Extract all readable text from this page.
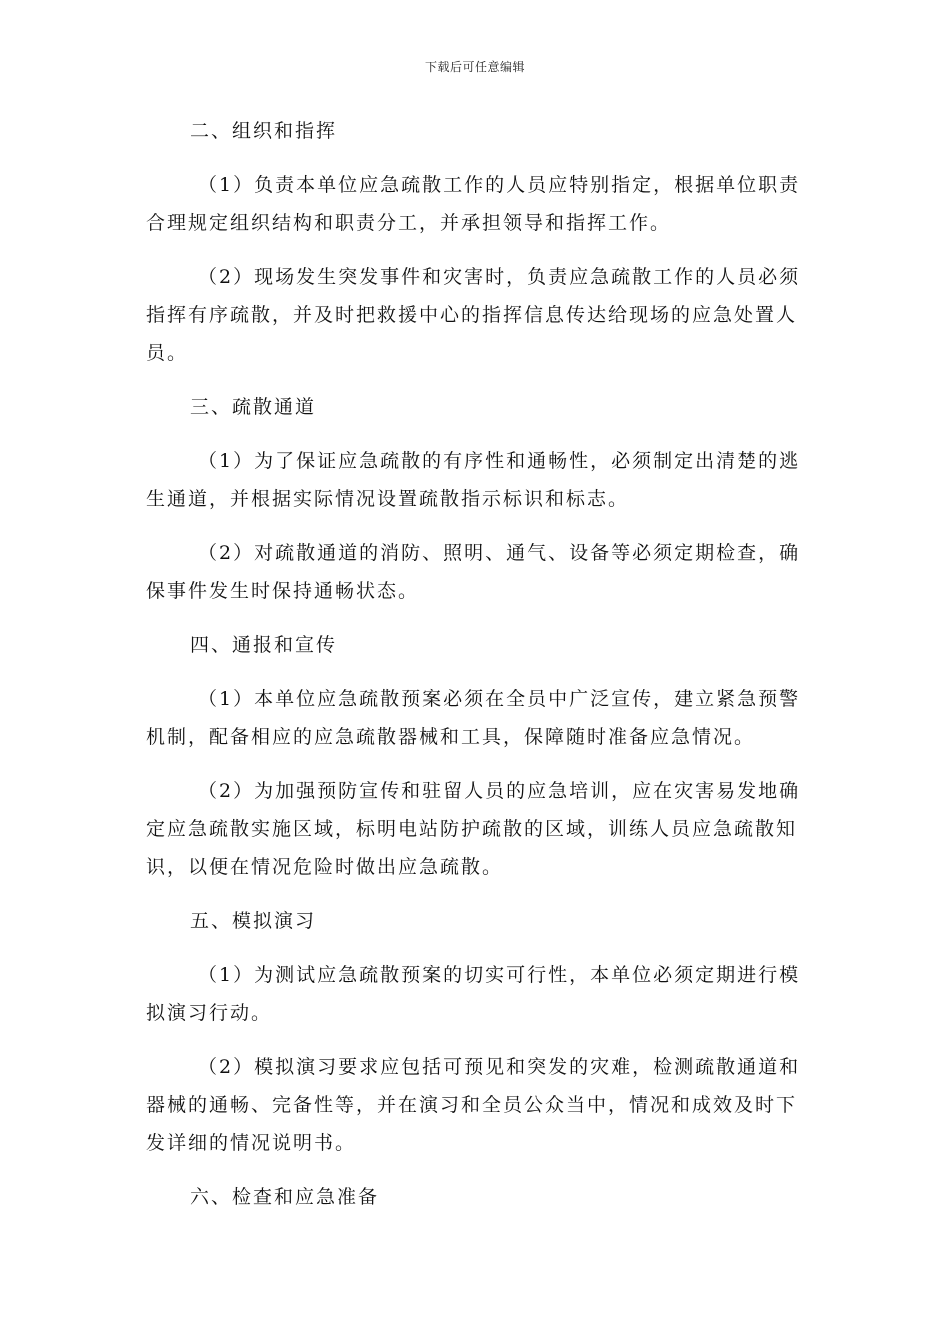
下载后可任意编辑
二、组织和指挥
（1）负责本单位应急疏散工作的人员应特别指定，根据单位职责合理规定组织结构和职责分工，并承担领导和指挥工作。
（2）现场发生突发事件和灾害时，负责应急疏散工作的人员必须指挥有序疏散，并及时把救援中心的指挥信息传达给现场的应急处置人员。
三、疏散通道
（1）为了保证应急疏散的有序性和通畅性，必须制定出清楚的逃生通道，并根据实际情况设置疏散指示标识和标志。
（2）对疏散通道的消防、照明、通气、设备等必须定期检查，确保事件发生时保持通畅状态。
四、通报和宣传
（1）本单位应急疏散预案必须在全员中广泛宣传，建立紧急预警机制，配备相应的应急疏散器械和工具，保障随时准备应急情况。
（2）为加强预防宣传和驻留人员的应急培训，应在灾害易发地确定应急疏散实施区域，标明电站防护疏散的区域，训练人员应急疏散知识，以便在情况危险时做出应急疏散。
五、模拟演习
（1）为测试应急疏散预案的切实可行性，本单位必须定期进行模拟演习行动。
（2）模拟演习要求应包括可预见和突发的灾难，检测疏散通道和器械的通畅、完备性等，并在演习和全员公众当中，情况和成效及时下发详细的情况说明书。
六、检查和应急准备
